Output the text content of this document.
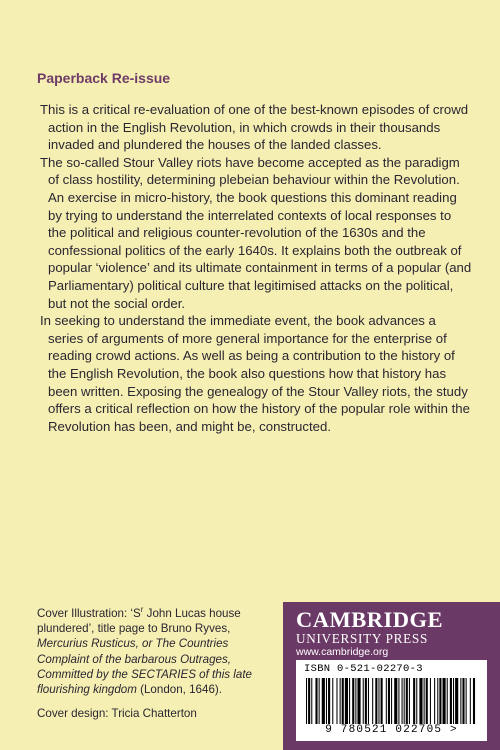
Paperback Re-issue

This is a critical re-evaluation of one of the best-known episodes of crowd action in the English Revolution, in which crowds in their thousands invaded and plundered the houses of the landed classes.

The so-called Stour Valley riots have become accepted as the paradigm of class hostility, determining plebeian behaviour within the Revolution. An exercise in micro-history, the book questions this dominant reading by trying to understand the interrelated contexts of local responses to the political and religious counter-revolution of the 1630s and the confessional politics of the early 1640s. It explains both the outbreak of popular ‘violence’ and its ultimate containment in terms of a popular (and Parliamentary) political culture that legitimised attacks on the political, but not the social order.

In seeking to understand the immediate event, the book advances a series of arguments of more general importance for the enterprise of reading crowd actions. As well as being a contribution to the history of the English Revolution, the book also questions how that history has been written. Exposing the genealogy of the Stour Valley riots, the study offers a critical reflection on how the history of the popular role within the Revolution has been, and might be, constructed.

Cover Illustration: ‘$S^r$ John Lucas house plundered’, title page to Bruno Ryves, Mercurius Rusticus, or The Countries Complaint of the barbarous Outrages, Committed by the SECTARIES of this late flourishing kingdom (London, 1646).
Cover design: Tricia Chatterton
CAMBRIDGE
UNIVERSITY PRESS
www.cambridge.org
ISBN 0-521-02270-3
9 780521 022705 >
